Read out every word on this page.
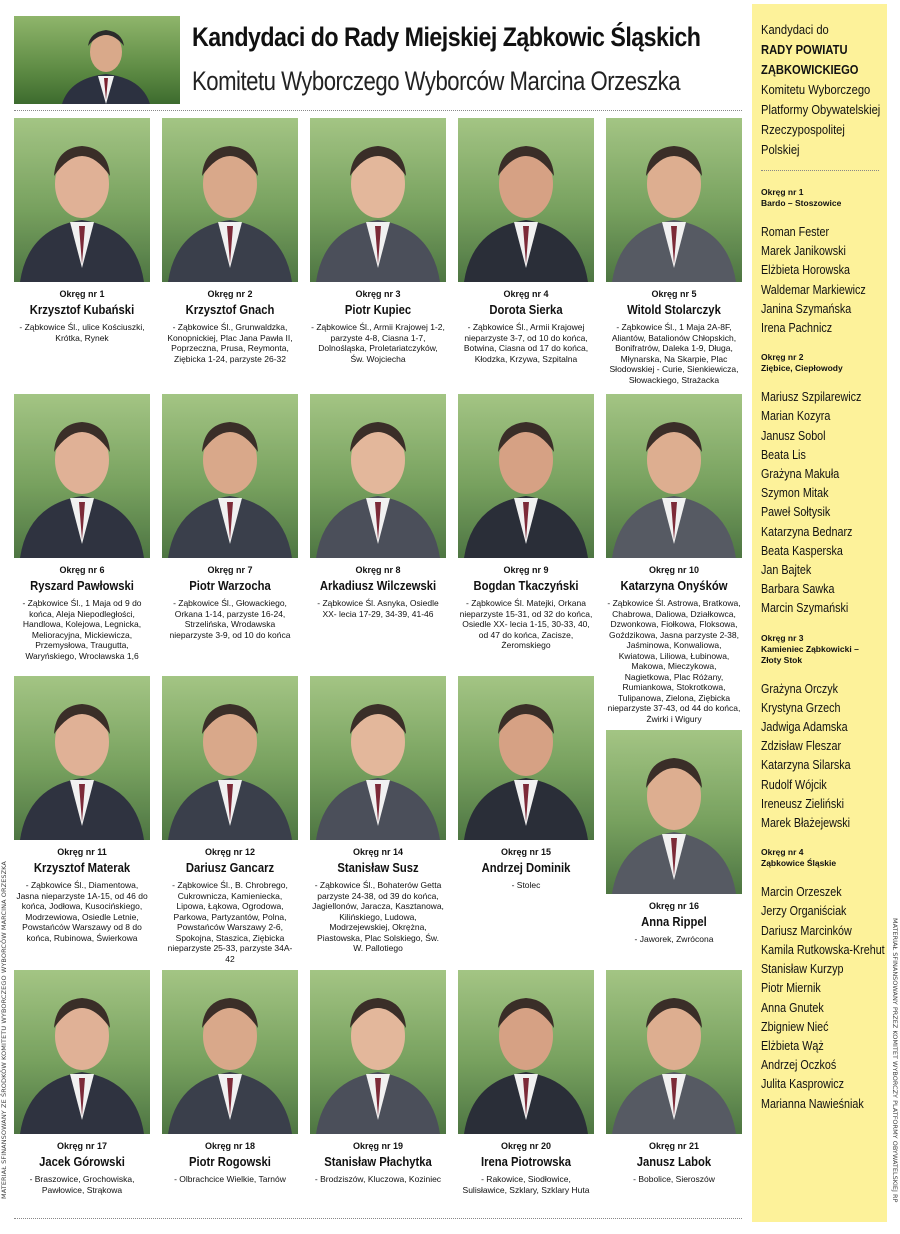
MATERIAŁ SFINANSOWANY ZE ŚRODKÓW KOMITETU WYBORCZEGO WYBORCÓW MARCINA ORZESZKA	MATERIAŁ SFINANSOWANY PRZEZ KOMITET WYBORCZY PLATFORMY OBYWATELSKIEJ RP
Kandydaci do Rady Miejskiej Ząbkowic Śląskich
Komitetu Wyborczego Wyborców Marcina Orzeszka
Okręg nr 1
Krzysztof Kubański
- Ząbkowice Śl., ulice Kościuszki, Krótka, Rynek
Okręg nr 2
Krzysztof Gnach
- Ząbkowice Śl., Grunwaldzka, Konopnickiej, Plac Jana Pawła II, Poprzeczna, Prusa, Reymonta, Ziębicka 1-24, parzyste 26-32
Okręg nr 3
Piotr Kupiec
- Ząbkowice Śl., Armii Krajowej 1-2, parzyste 4-8, Ciasna 1-7, Dolnośląska, Proletariatczyków, Św. Wojciecha
Okręg nr 4
Dorota Sierka
- Ząbkowice Śl., Armii Krajowej nieparzyste 3-7, od 10 do końca, Botwina, Ciasna od 17 do końca, Kłodzka, Krzywa, Szpitalna
Okręg nr 5
Witold Stolarczyk
- Ząbkowice Śl., 1 Maja 2A-8F, Aliantów, Batalionów Chłopskich, Bonifratrów, Daleka 1-9, Długa, Młynarska, Na Skarpie, Plac Słodowskiej - Curie, Sienkiewicza, Słowackiego, Strażacka
Okręg nr 6
Ryszard Pawłowski
- Ząbkowice Śl., 1 Maja od 9 do końca, Aleja Niepodległości, Handlowa, Kolejowa, Legnicka, Melioracyjna, Mickiewicza, Przemysłowa, Traugutta, Waryńskiego, Wrocławska 1,6
Okręg nr 7
Piotr Warzocha
- Ząbkowice Śl., Głowackiego, Orkana 1-14, parzyste 16-24, Strzelińska, Wrodawska nieparzyste 3-9, od 10 do końca
Okręg nr 8
Arkadiusz Wilczewski
- Ząbkowice Śl. Asnyka, Osiedle XX- lecia 17-29, 34-39, 41-46
Okręg nr 9
Bogdan Tkaczyński
- Ząbkowice Śl. Matejki, Orkana nieparzyste 15-31, od 32 do końca, Osiedle XX- lecia 1-15, 30-33, 40, od 47 do końca, Zacisze, Żeromskiego
Okręg nr 10
Katarzyna Onyśków
- Ząbkowice Śl. Astrowa, Bratkowa, Chabrowa, Daliowa, Działkowca, Dzwonkowa, Fiołkowa, Floksowa, Goździkowa, Jasna parzyste 2-38, Jaśminowa, Konwaliowa, Kwiatowa, Liliowa, Łubinowa, Makowa, Mieczykowa, Nagietkowa, Plac Różany, Rumiankowa, Stokrotkowa, Tulipanowa, Zielona, Ziębicka nieparzyste 37-43, od 44 do końca, Żwirki i Wigury
Okręg nr 11
Krzysztof Materak
- Ząbkowice Śl., Diamentowa, Jasna nieparzyste 1A-15, od 46 do końca, Jodłowa, Kusocińskiego, Modrzewiowa, Osiedle Letnie, Powstańców Warszawy od 8 do końca, Rubinowa, Świerkowa
Okręg nr 12
Dariusz Gancarz
- Ząbkowice Śl., B. Chrobrego, Cukrownicza, Kamieniecka, Lipowa, Łąkowa, Ogrodowa, Parkowa, Partyzantów, Polna, Powstańców Warszawy 2-6, Spokojna, Staszica, Ziębicka nieparzyste 25-33, parzyste 34A-42
Okręg nr 14
Stanisław Susz
- Ząbkowice Śl., Bohaterów Getta parzyste 24-38, od 39 do końca, Jagiellonów, Jaracza, Kasztanowa, Kilińskiego, Ludowa, Modrzejewskiej, Okrężna, Piastowska, Plac Solskiego, Św. W. Pallotiego
Okręg nr 15
Andrzej Dominik
- Stolec
Okręg nr 16
Anna Rippel
- Jaworek, Zwrócona
Okręg nr 17
Jacek Górowski
- Braszowice, Grochowiska, Pawłowice, Strąkowa
Okręg nr 18
Piotr Rogowski
- Olbrachcice Wielkie, Tarnów
Okręg nr 19
Stanisław Płachytka
- Brodziszów, Kluczowa, Koziniec
Okręg nr 20
Irena Piotrowska
- Rakowice, Siodłowice, Sulisławice, Szklary, Szklary Huta
Okręg nr 21
Janusz Labok
- Bobolice, Sieroszów
Kandydaci do
RADY POWIATU
ZĄBKOWICKIEGO
Komitetu Wyborczego
Platformy Obywatelskiej
Rzeczypospolitej
Polskiej
Okręg nr 1
Bardo – Stoszowice
Roman Fester
Marek Janikowski
Elżbieta Horowska
Waldemar Markiewicz
Janina Szymańska
Irena Pachnicz
Okręg nr 2
Ziębice, Ciepłowody
Mariusz Szpilarewicz
Marian Kozyra
Janusz Sobol
Beata Lis
Grażyna Makuła
Szymon Mitak
Paweł Sołtysik
Katarzyna Bednarz
Beata Kasperska
Jan Bajtek
Barbara Sawka
Marcin Szymański
Okręg nr 3
Kamieniec Ząbkowicki – Złoty Stok
Grażyna Orczyk
Krystyna Grzech
Jadwiga Adamska
Zdzisław Fleszar
Katarzyna Silarska
Rudolf Wójcik
Ireneusz Zieliński
Marek Błażejewski
Okręg nr 4
Ząbkowice Śląskie
Marcin Orzeszek
Jerzy Organiściak
Dariusz Marcinków
Kamila Rutkowska-Krehut
Stanisław Kurzyp
Piotr Miernik
Anna Gnutek
Zbigniew Nieć
Elżbieta Wąż
Andrzej Oczkoś
Julita Kasprowicz
Marianna Nawieśniak
